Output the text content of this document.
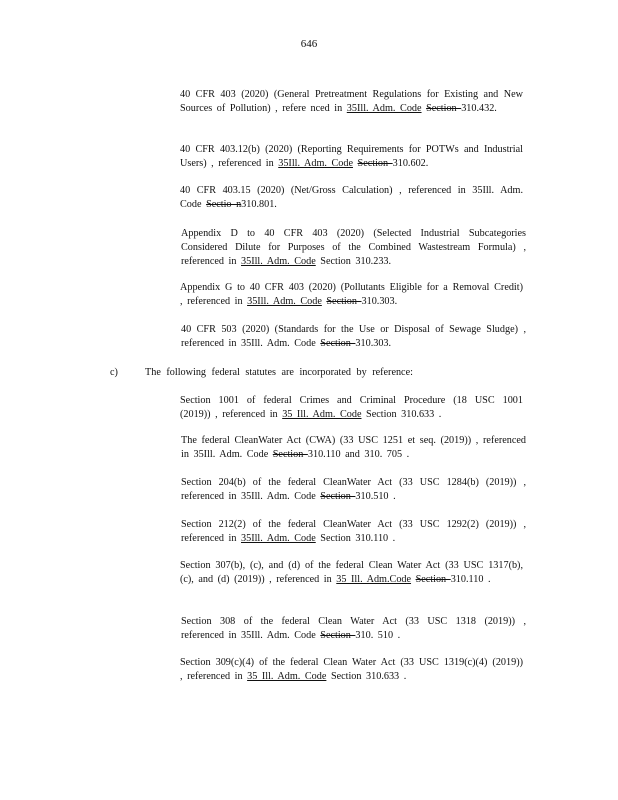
646

40 CFR 403 (2020) (General Pretreatment Regulations for Existing and New Sources of Pollution) , refere nced in 35Ill. Adm. Code Section 310.432.

40 CFR 403.12(b) (2020) (Reporting Requirements for POTWs and Industrial Users) , referenced in 35Ill. Adm. Code Section 310.602.

40 CFR 403.15 (2020) (Net/Gross Calculation) , referenced in 35Ill. Adm. Code Sectio n310.801.

Appendix D to 40 CFR 403 (2020) (Selected Industrial Subcategories Considered Dilute for Purposes of the Combined Wastestream Formula) , referenced in 35Ill. Adm. Code Section 310.233.

Appendix G to 40 CFR 403 (2020) (Pollutants Eligible for a Removal Credit) , referenced in 35Ill. Adm. Code Section 310.303.

40 CFR 503 (2020) (Standards for the Use or Disposal of Sewage Sludge) , referenced in 35Ill. Adm. Code Section 310.303.

c)	The following federal statutes are incorporated by reference:

Section 1001 of federal Crimes and Criminal Procedure (18 USC 1001 (2019)) , referenced in 35 Ill. Adm. Code Section 310.633 .

The federal CleanWater Act (CWA) (33 USC 1251 et seq. (2019)) , referenced in 35Ill. Adm. Code Section 310.110 and 310. 705 .

Section 204(b) of the federal CleanWater Act (33 USC 1284(b) (2019)) , referenced in 35Ill. Adm. Code Section 310.510 .

Section 212(2) of the federal CleanWater Act (33 USC 1292(2) (2019)) , referenced in 35Ill. Adm. Code Section 310.110 .

Section 307(b), (c), and (d) of the federal Clean Water Act (33 USC 1317(b), (c), and (d) (2019)) , referenced in 35 Ill. Adm.Code Section 310.110 .

Section 308 of the federal Clean Water Act (33 USC 1318 (2019)) , referenced in 35Ill. Adm. Code Section 310. 510 .

Section 309(c)(4) of the federal Clean Water Act (33 USC 1319(c)(4) (2019)) , referenced in 35 Ill. Adm. Code Section 310.633 .
